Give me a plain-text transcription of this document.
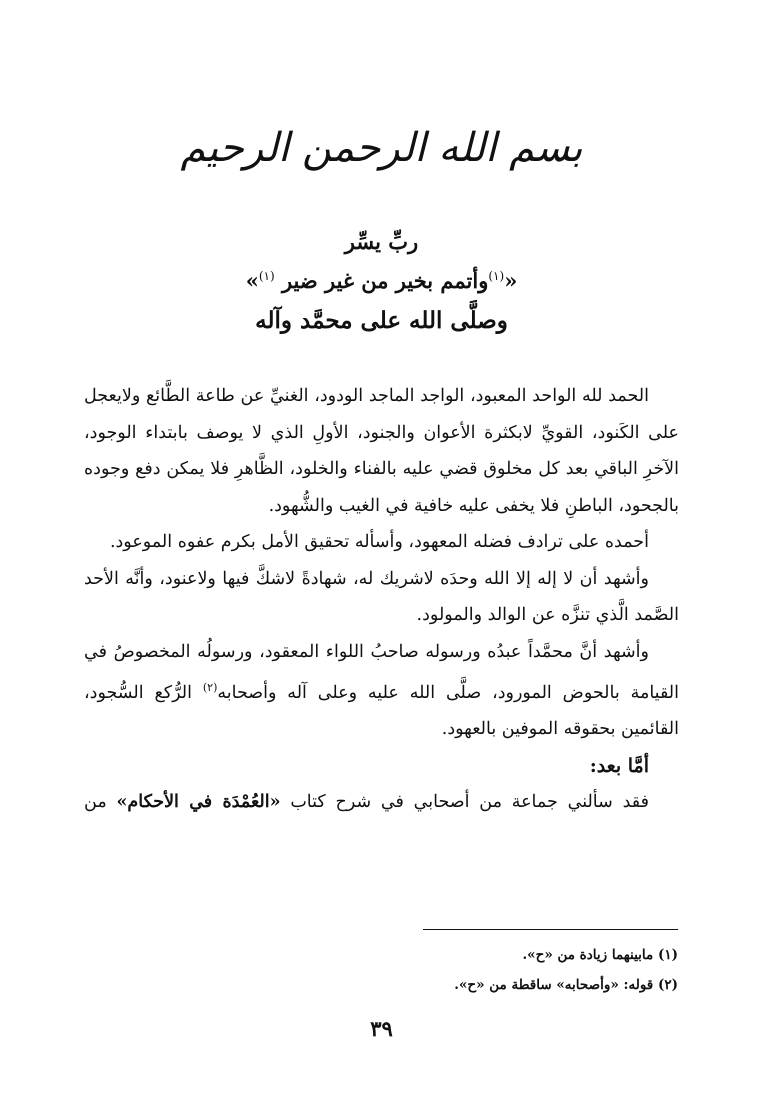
بسم الله الرحمن الرحيم
ربِّ يسِّر
«$^{(١)}$وأتمم بخير من غير ضير $^{(١)}$»
وصلَّى الله على محمَّد وآله

الحمد لله الواحد المعبود، الواجد الماجد الودود، الغنيِّ عن طاعة الطَّائع ولايعجل على الكَنود، القويِّ لابكثرة الأعوان والجنود، الأولِ الذي لا يوصف بابتداء الوجود، الآخرِ الباقي بعد كل مخلوق قضي عليه بالفناء والخلود، الظَّاهرِ فلا يمكن دفع وجوده بالجحود، الباطنِ فلا يخفى عليه خافية في الغيب والشُّهود.

أحمده على ترادف فضله المعهود، وأسأله تحقيق الأمل بكرم عفوه الموعود.

وأشهد أن لا إله إلا الله وحدَه لاشريك له، شهادةً لاشكَّ فيها ولاعنود، وأنَّه الأحد الصَّمد الَّذي تنزَّه عن الوالد والمولود.

وأشهد أنَّ محمَّداً عبدُه ورسوله صاحبُ اللواء المعقود، ورسولُه المخصوصُ في القيامة بالحوض المورود، صلَّى الله عليه وعلى آله وأصحابه$^{(٢)}$ الرُّكع السُّجود، القائمين بحقوقه الموفين بالعهود.

أمَّا بعد:

فقد سألني جماعة من أصحابي في شرح كتاب «العُمْدَة في الأحكام» من

(١) مابينهما زيادة من «ح».
(٢) قوله: «وأصحابه» ساقطة من «ح».
٣٩
